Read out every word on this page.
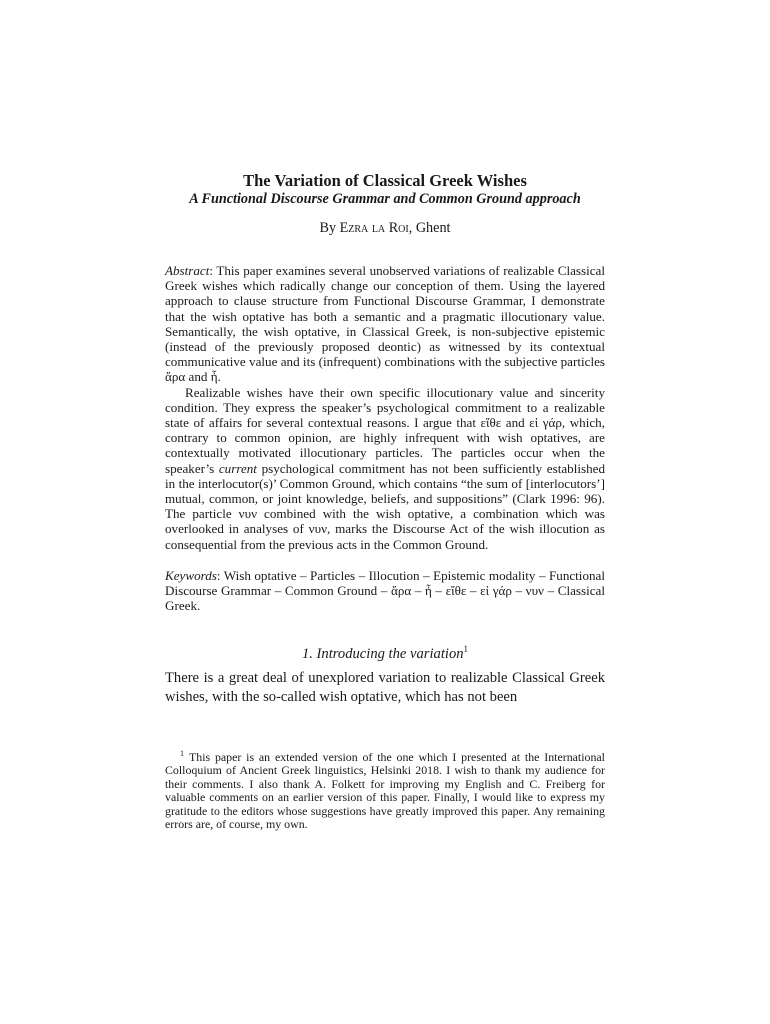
The Variation of Classical Greek Wishes
A Functional Discourse Grammar and Common Ground approach
By Ezra la Roi, Ghent

Abstract: This paper examines several unobserved variations of realizable Classical Greek wishes which radically change our conception of them. Using the layered approach to clause structure from Functional Discourse Grammar, I demonstrate that the wish optative has both a semantic and a pragmatic illocutionary value. Semantically, the wish optative, in Classical Greek, is non-subjective epistemic (instead of the previously proposed deontic) as witnessed by its contextual communicative value and its (infrequent) combinations with the subjective particles ἄρα and ἦ.

Realizable wishes have their own specific illocutionary value and sincerity condition. They express the speaker’s psychological commitment to a realizable state of affairs for several contextual reasons. I argue that εἴθε and εἰ γάρ, which, contrary to common opinion, are highly infrequent with wish optatives, are contextually motivated illocutionary particles. The particles occur when the speaker’s current psychological commitment has not been sufficiently established in the interlocutor(s)’ Common Ground, which contains “the sum of [interlocutors’] mutual, common, or joint knowledge, beliefs, and suppositions” (Clark 1996: 96). The particle νυν combined with the wish optative, a combination which was overlooked in analyses of νυν, marks the Discourse Act of the wish illocution as consequential from the previous acts in the Common Ground.

Keywords: Wish optative – Particles – Illocution – Epistemic modality – Functional Discourse Grammar – Common Ground – ἄρα – ἦ – εἴθε – εἰ γάρ – νυν – Classical Greek.

1. Introducing the variation$^1$

There is a great deal of unexplored variation to realizable Classical Greek wishes, with the so-called wish optative, which has not been

$^1$ This paper is an extended version of the one which I presented at the International Colloquium of Ancient Greek linguistics, Helsinki 2018. I wish to thank my audience for their comments. I also thank A. Folkett for improving my English and C. Freiberg for valuable comments on an earlier version of this paper. Finally, I would like to express my gratitude to the editors whose suggestions have greatly improved this paper. Any remaining errors are, of course, my own.
